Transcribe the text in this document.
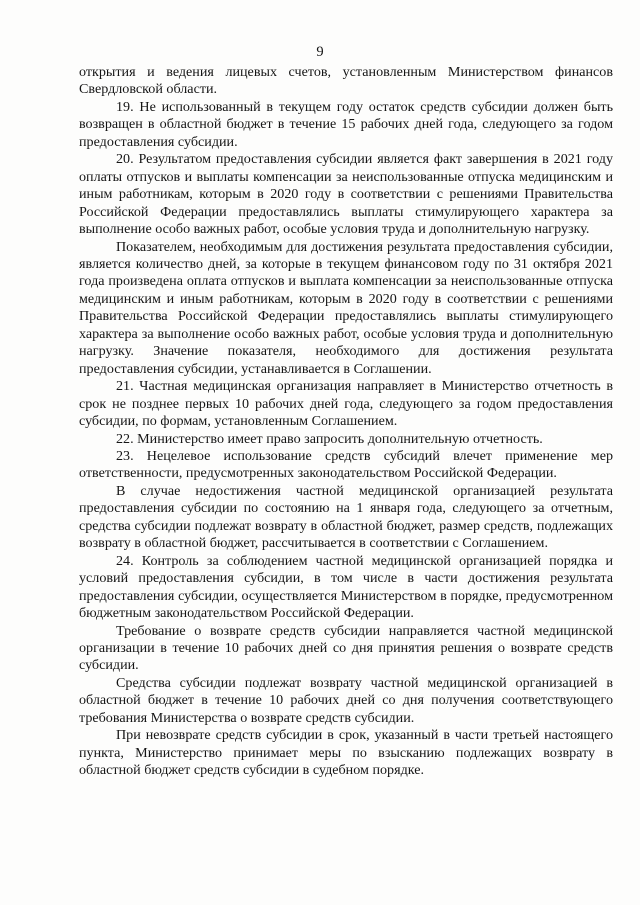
9

открытия и ведения лицевых счетов, установленным Министерством финансов Свердловской области.

19. Не использованный в текущем году остаток средств субсидии должен быть возвращен в областной бюджет в течение 15 рабочих дней года, следующего за годом предоставления субсидии.

20. Результатом предоставления субсидии является факт завершения в 2021 году оплаты отпусков и выплаты компенсации за неиспользованные отпуска медицинским и иным работникам, которым в 2020 году в соответствии с решениями Правительства Российской Федерации предоставлялись выплаты стимулирующего характера за выполнение особо важных работ, особые условия труда и дополнительную нагрузку.

Показателем, необходимым для достижения результата предоставления субсидии, является количество дней, за которые в текущем финансовом году по 31 октября 2021 года произведена оплата отпусков и выплата компенсации за неиспользованные отпуска медицинским и иным работникам, которым в 2020 году в соответствии с решениями Правительства Российской Федерации предоставлялись выплаты стимулирующего характера за выполнение особо важных работ, особые условия труда и дополнительную нагрузку. Значение показателя, необходимого для достижения результата предоставления субсидии, устанавливается в Соглашении.

21. Частная медицинская организация направляет в Министерство отчетность в срок не позднее первых 10 рабочих дней года, следующего за годом предоставления субсидии, по формам, установленным Соглашением.

22. Министерство имеет право запросить дополнительную отчетность.

23. Нецелевое использование средств субсидий влечет применение мер ответственности, предусмотренных законодательством Российской Федерации.

В случае недостижения частной медицинской организацией результата предоставления субсидии по состоянию на 1 января года, следующего за отчетным, средства субсидии подлежат возврату в областной бюджет, размер средств, подлежащих возврату в областной бюджет, рассчитывается в соответствии с Соглашением.

24. Контроль за соблюдением частной медицинской организацией порядка и условий предоставления субсидии, в том числе в части достижения результата предоставления субсидии, осуществляется Министерством в порядке, предусмотренном бюджетным законодательством Российской Федерации.

Требование о возврате средств субсидии направляется частной медицинской организации в течение 10 рабочих дней со дня принятия решения о возврате средств субсидии.

Средства субсидии подлежат возврату частной медицинской организацией в областной бюджет в течение 10 рабочих дней со дня получения соответствующего требования Министерства о возврате средств субсидии.

При невозврате средств субсидии в срок, указанный в части третьей настоящего пункта, Министерство принимает меры по взысканию подлежащих возврату в областной бюджет средств субсидии в судебном порядке.
